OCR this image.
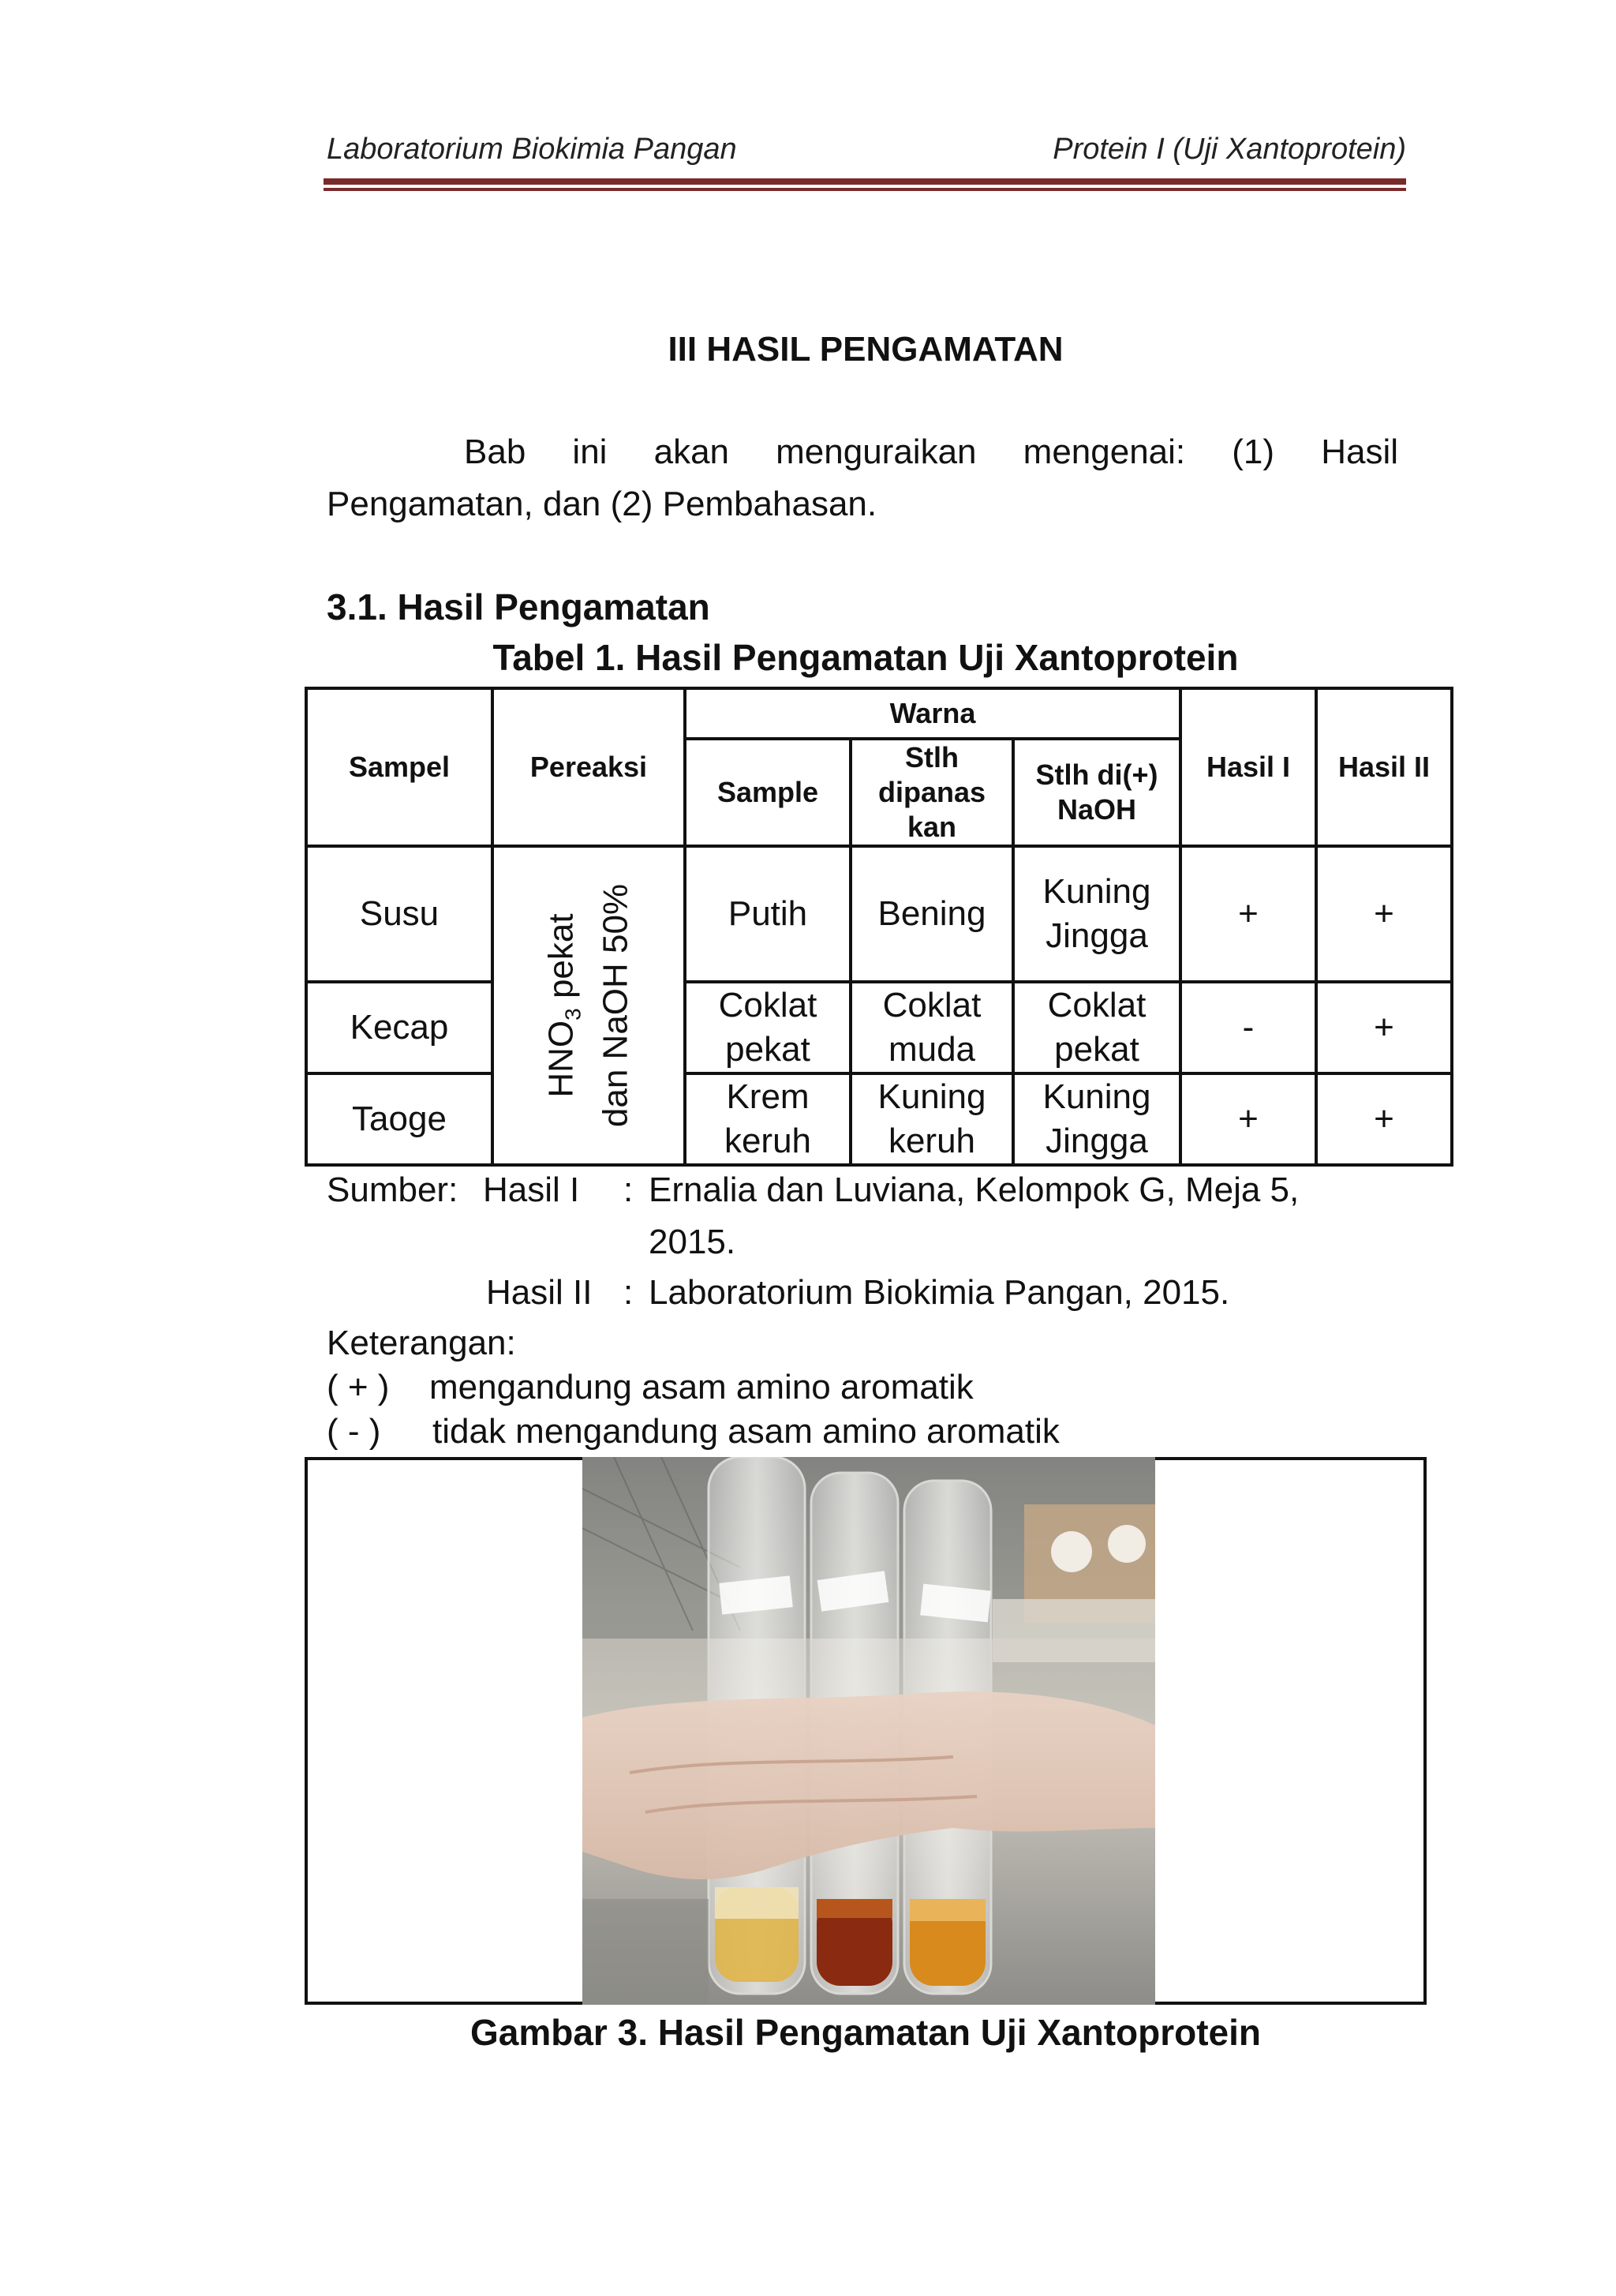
Laboratorium Biokimia Pangan	Protein I (Uji Xantoprotein)
III HASIL PENGAMATAN
Bab ini akan menguraikan mengenai: (1) Hasil
Pengamatan, dan (2) Pembahasan.
3.1. Hasil Pengamatan
Tabel 1. Hasil Pengamatan Uji Xantoprotein
Sampel	Pereaksi	Warna			Hasil I	Hasil II
		Sample	Stlh dipanas kan	Stlh di(+) NaOH		
Susu	$HNO_3$ pekat dan NaOH 50%	Putih	Bening	Kuning Jingga	+	+
Kecap		Coklat pekat	Coklat muda	Coklat pekat	-	+
Taoge		Krem keruh	Kuning keruh	Kuning Jingga	+	+
Sumber: Hasil I : Ernalia dan Luviana, Kelompok G, Meja 5,
2015.
Hasil II : Laboratorium Biokimia Pangan, 2015.
Keterangan:
( + ) mengandung asam amino aromatik
( - ) tidak mengandung asam amino aromatik
Gambar 3. Hasil Pengamatan Uji Xantoprotein
